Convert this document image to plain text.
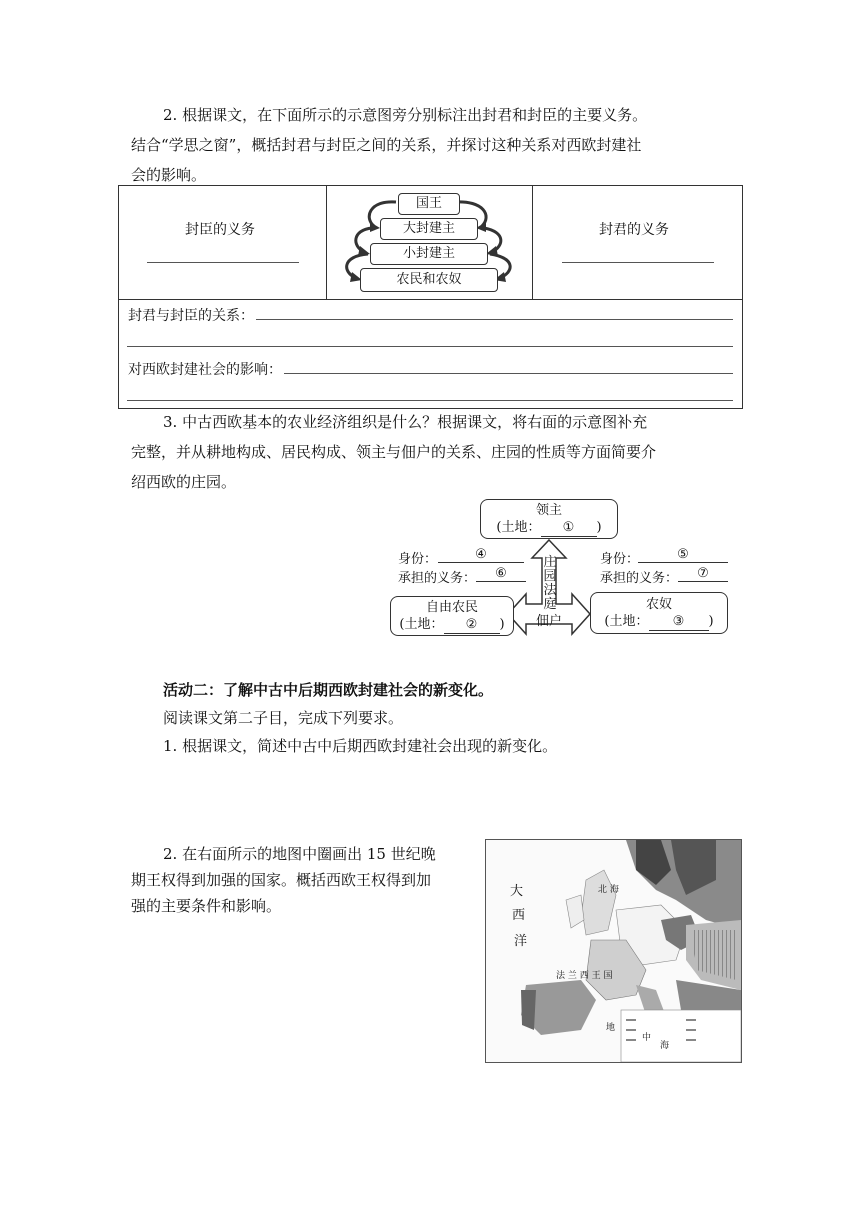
2. 根据课文，在下面所示的示意图旁分别标注出封君和封臣的主要义务。
结合“学思之窗”，概括封君与封臣之间的关系，并探讨这种关系对西欧封建社
会的影响。
封臣的义务	封君的义务
国王
大封建主
小封建主
农民和农奴
封君与封臣的关系：
对西欧封建社会的影响：
3. 中古西欧基本的农业经济组织是什么？根据课文，将右面的示意图补充
完整，并从耕地构成、居民构成、领主与佃户的关系、庄园的性质等方面简要介
绍西欧的庄园。
领主
(土地： ① )
身份：	④
承担的义务：	⑥
身份：	⑤
承担的义务：	⑦
庄
园
法
庭
佃户
自由农民
(土地： ② )
农奴
(土地： ③ )
活动二：了解中古中后期西欧封建社会的新变化。
阅读课文第二子目，完成下列要求。
1. 根据课文，简述中古中后期西欧封建社会出现的新变化。
2. 在右面所示的地图中圈画出 15 世纪晚
期王权得到加强的国家。概括西欧王权得到加
强的主要条件和影响。
大
西
洋
北 海
法 兰 西 王 国
地
中
海
